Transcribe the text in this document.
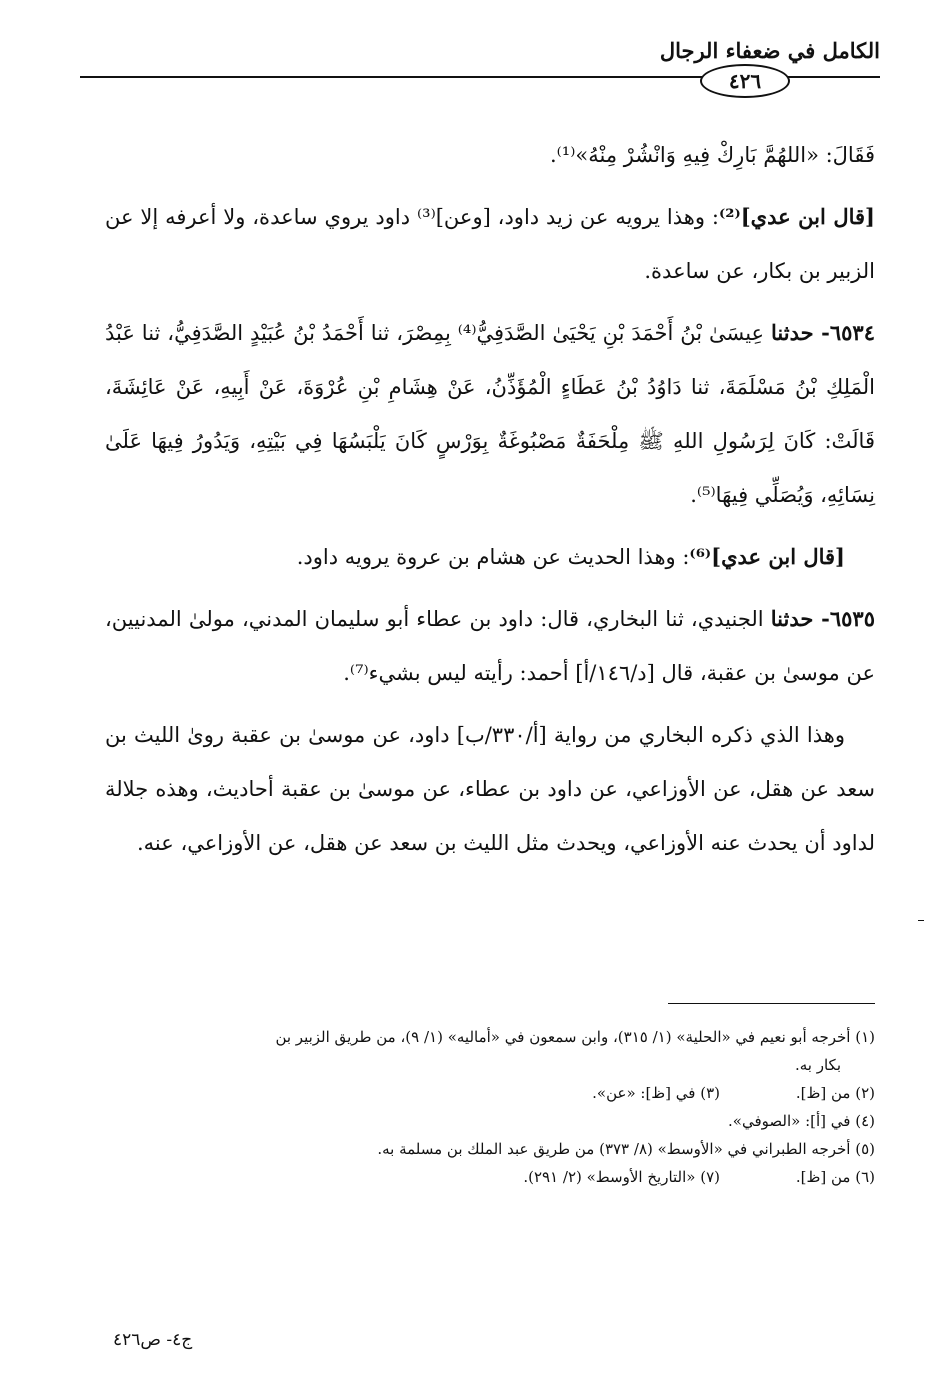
الكامل في ضعفاء الرجال
٤٢٦

فَقَالَ: «اللهُمَّ بَارِكْ فِيهِ وَانْشُرْ مِنْهُ»⁽¹⁾.

[قال ابن عدي]⁽²⁾: وهذا يرويه عن زيد داود، [وعن]⁽³⁾ داود يروي ساعدة، ولا أعرفه إلا عن الزبير بن بكار، عن ساعدة.

٦٥٣٤- حدثنا عِيسَىٰ بْنُ أَحْمَدَ بْنِ يَحْيَىٰ الصَّدَفِيُّ⁽⁴⁾ بِمِصْرَ، ثنا أَحْمَدُ بْنُ عُبَيْدٍ الصَّدَفِيُّ، ثنا عَبْدُ الْمَلِكِ بْنُ مَسْلَمَةَ، ثنا دَاوُدُ بْنُ عَطَاءٍ الْمُؤَذِّنُ، عَنْ هِشَامِ بْنِ عُرْوَةَ، عَنْ أَبِيهِ، عَنْ عَائِشَةَ، قَالَتْ: كَانَ لِرَسُولِ اللهِ ﷺ مِلْحَفَةٌ مَصْبُوغَةٌ بِوَرْسٍ كَانَ يَلْبَسُهَا فِي بَيْتِهِ، وَيَدُورُ فِيهَا عَلَىٰ نِسَائِهِ، وَيُصَلِّي فِيهَا⁽⁵⁾.

[قال ابن عدي]⁽⁶⁾: وهذا الحديث عن هشام بن عروة يرويه داود.

٦٥٣٥- حدثنا الجنيدي، ثنا البخاري، قال: داود بن عطاء أبو سليمان المدني، مولىٰ المدنيين، عن موسىٰ بن عقبة، قال [د/١٤٦/أ] أحمد: رأيته ليس بشيء⁽⁷⁾.

وهذا الذي ذكره البخاري من رواية [أ/٣٣٠/ب] داود، عن موسىٰ بن عقبة روىٰ الليث بن سعد عن هقل، عن الأوزاعي، عن داود بن عطاء، عن موسىٰ بن عقبة أحاديث، وهذه جلالة لداود أن يحدث عنه الأوزاعي، ويحدث مثل الليث بن سعد عن هقل، عن الأوزاعي، عنه.

(١) أخرجه أبو نعيم في «الحلية» (١/ ٣١٥)، وابن سمعون في «أماليه» (١/ ٩)، من طريق الزبير بن
بكار به.
(٢) من [ظ].
(٣) في [ظ]: «عن».
(٤) في [أ]: «الصوفي».
(٥) أخرجه الطبراني في «الأوسط» (٨/ ٣٧٣) من طريق عبد الملك بن مسلمة به.
(٦) من [ظ].
(٧) «التاريخ الأوسط» (٢/ ٢٩١).
ج٤- ص٤٢٦
